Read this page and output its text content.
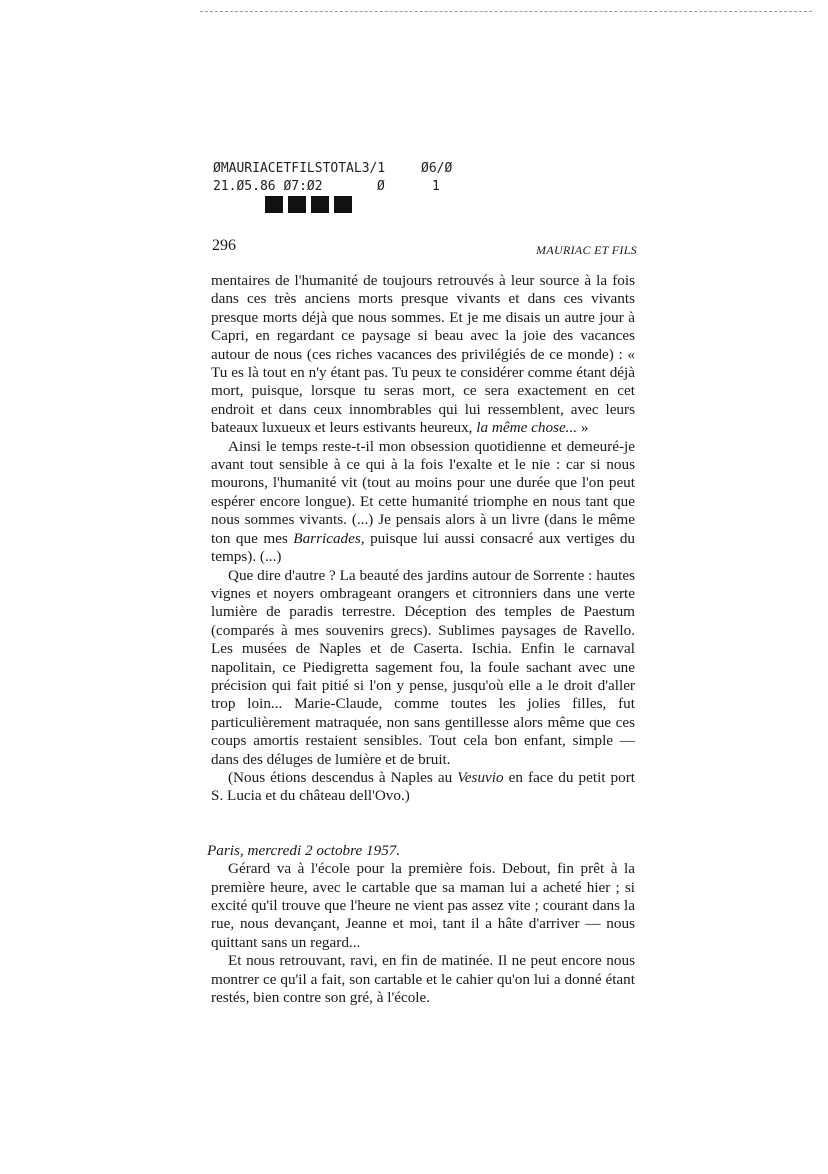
ØMAURIACETFILSTOTAL3/1	Ø6/Ø
21.Ø5.86 Ø7:Ø2	Ø	1
296	MAURIAC ET FILS

mentaires de l'humanité de toujours retrouvés à leur source à la fois dans ces très anciens morts presque vivants et dans ces vivants presque morts déjà que nous sommes. Et je me disais un autre jour à Capri, en regardant ce paysage si beau avec la joie des vacances autour de nous (ces riches vacances des privilégiés de ce monde) : « Tu es là tout en n'y étant pas. Tu peux te considérer comme étant déjà mort, puisque, lorsque tu seras mort, ce sera exactement en cet endroit et dans ceux innombrables qui lui ressemblent, avec leurs bateaux luxueux et leurs estivants heureux, la même chose... »

Ainsi le temps reste-t-il mon obsession quotidienne et demeuré-je avant tout sensible à ce qui à la fois l'exalte et le nie : car si nous mourons, l'humanité vit (tout au moins pour une durée que l'on peut espérer encore longue). Et cette humanité triomphe en nous tant que nous sommes vivants. (...) Je pensais alors à un livre (dans le même ton que mes Barricades, puisque lui aussi consacré aux vertiges du temps). (...)

Que dire d'autre ? La beauté des jardins autour de Sorrente : hautes vignes et noyers ombrageant orangers et citronniers dans une verte lumière de paradis terrestre. Déception des temples de Paestum (comparés à mes souvenirs grecs). Sublimes paysages de Ravello. Les musées de Naples et de Caserta. Ischia. Enfin le carnaval napolitain, ce Piedigretta sagement fou, la foule sachant avec une précision qui fait pitié si l'on y pense, jusqu'où elle a le droit d'aller trop loin... Marie-Claude, comme toutes les jolies filles, fut particulièrement matraquée, non sans gentillesse alors même que ces coups amortis restaient sensibles. Tout cela bon enfant, simple — dans des déluges de lumière et de bruit.

(Nous étions descendus à Naples au Vesuvio en face du petit port S. Lucia et du château dell'Ovo.)

Paris, mercredi 2 octobre 1957.

Gérard va à l'école pour la première fois. Debout, fin prêt à la première heure, avec le cartable que sa maman lui a acheté hier ; si excité qu'il trouve que l'heure ne vient pas assez vite ; courant dans la rue, nous devançant, Jeanne et moi, tant il a hâte d'arriver — nous quittant sans un regard...

Et nous retrouvant, ravi, en fin de matinée. Il ne peut encore nous montrer ce qu'il a fait, son cartable et le cahier qu'on lui a donné étant restés, bien contre son gré, à l'école.
